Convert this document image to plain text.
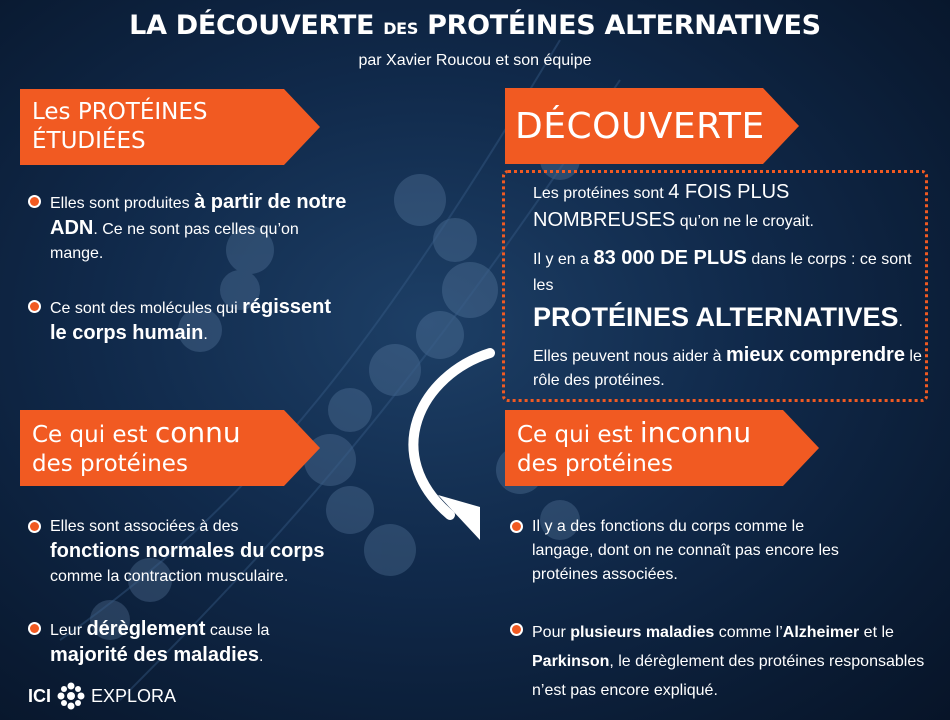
LA DÉCOUVERTE DES PROTÉINES ALTERNATIVES
par Xavier Roucou et son équipe
Les PROTÉINES
ÉTUDIÉES
Elles sont produites à partir de notre ADN. Ce ne sont pas celles qu’on mange.
Ce sont des molécules qui régissent le corps humain.
DÉCOUVERTE

Les protéines sont 4 FOIS PLUS NOMBREUSES qu’on ne le croyait.

Il y en a 83 000 DE PLUS dans le corps : ce sont les
PROTÉINES ALTERNATIVES.

Elles peuvent nous aider à mieux comprendre le rôle des protéines.

Ce qui est connu
des protéines
Elles sont associées à des
fonctions normales du corps
comme la contraction musculaire.
Leur dérèglement cause la majorité des maladies.
Ce qui est inconnu
des protéines
Il y a des fonctions du corps comme le langage, dont on ne connaît pas encore les protéines associées.
Pour plusieurs maladies comme l’Alzheimer et le Parkinson, le dérèglement des protéines responsables n’est pas encore expliqué.
ICI EXPLORA
